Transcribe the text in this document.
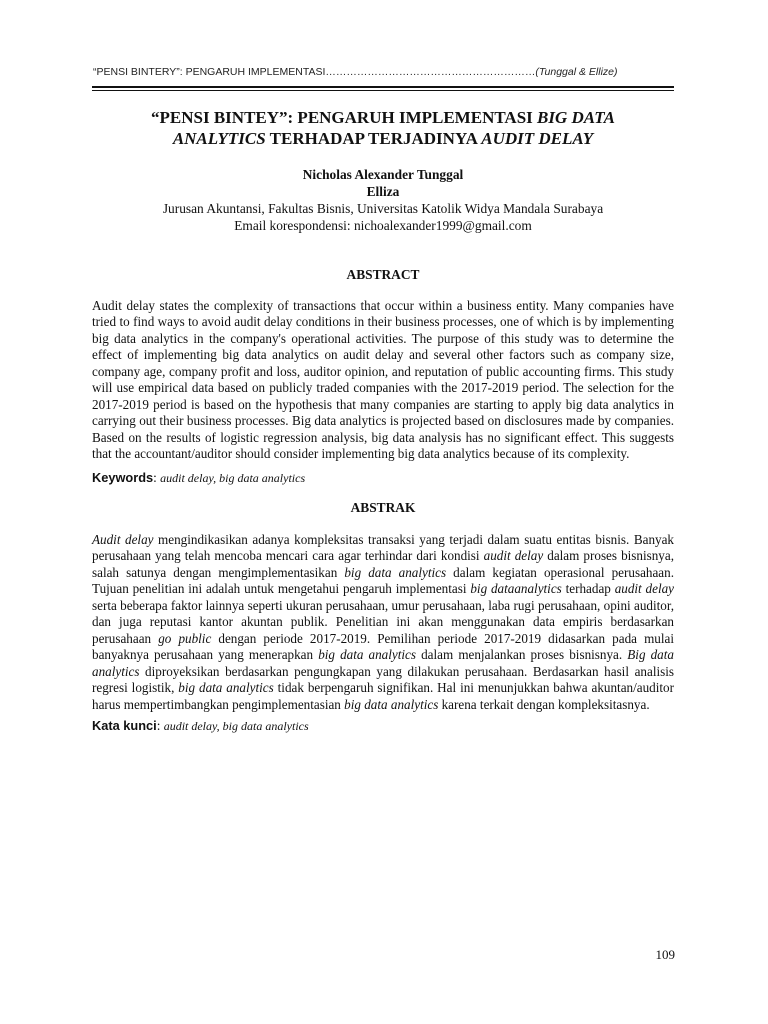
“PENSI BINTERY”: PENGARUH IMPLEMENTASI……………………………………………………(Tunggal & Ellize)
“PENSI BINTEY”: PENGARUH IMPLEMENTASI BIG DATA
ANALYTICS TERHADAP TERJADINYA AUDIT DELAY
Nicholas Alexander Tunggal
Elliza
Jurusan Akuntansi, Fakultas Bisnis, Universitas Katolik Widya Mandala Surabaya
Email korespondensi: nichoalexander1999@gmail.com
ABSTRACT

Audit delay states the complexity of transactions that occur within a business entity. Many companies have tried to find ways to avoid audit delay conditions in their business processes, one of which is by implementing big data analytics in the company's operational activities. The purpose of this study was to determine the effect of implementing big data analytics on audit delay and several other factors such as company size, company age, company profit and loss, auditor opinion, and reputation of public accounting firms. This study will use empirical data based on publicly traded companies with the 2017-2019 period. The selection for the 2017-2019 period is based on the hypothesis that many companies are starting to apply big data analytics in carrying out their business processes. Big data analytics is projected based on disclosures made by companies. Based on the results of logistic regression analysis, big data analysis has no significant effect. This suggests that the accountant/auditor should consider implementing big data analytics because of its complexity.

Keywords: audit delay, big data analytics
ABSTRAK

Audit delay mengindikasikan adanya kompleksitas transaksi yang terjadi dalam suatu entitas bisnis. Banyak perusahaan yang telah mencoba mencari cara agar terhindar dari kondisi audit delay dalam proses bisnisnya, salah satunya dengan mengimplementasikan big data analytics dalam kegiatan operasional perusahaan. Tujuan penelitian ini adalah untuk mengetahui pengaruh implementasi big dataanalytics terhadap audit delay serta beberapa faktor lainnya seperti ukuran perusahaan, umur perusahaan, laba rugi perusahaan, opini auditor, dan juga reputasi kantor akuntan publik. Penelitian ini akan menggunakan data empiris berdasarkan perusahaan go public dengan periode 2017-2019. Pemilihan periode 2017-2019 didasarkan pada mulai banyaknya perusahaan yang menerapkan big data analytics dalam menjalankan proses bisnisnya. Big data analytics diproyeksikan berdasarkan pengungkapan yang dilakukan perusahaan. Berdasarkan hasil analisis regresi logistik, big data analytics tidak berpengaruh signifikan. Hal ini menunjukkan bahwa akuntan/auditor harus mempertimbangkan pengimplementasian big data analytics karena terkait dengan kompleksitasnya.

Kata kunci: audit delay, big data analytics
109
